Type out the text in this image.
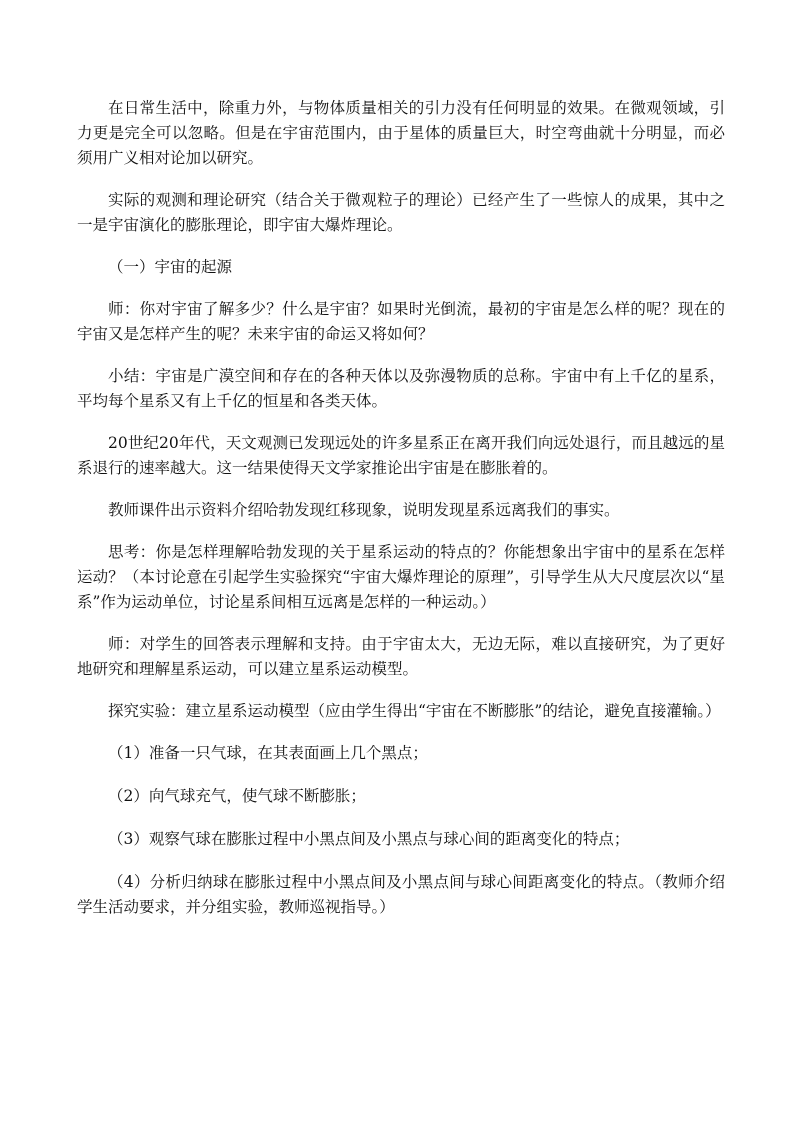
在日常生活中，除重力外，与物体质量相关的引力没有任何明显的效果。在微观领域，引力更是完全可以忽略。但是在宇宙范围内，由于星体的质量巨大，时空弯曲就十分明显，而必须用广义相对论加以研究。

实际的观测和理论研究（结合关于微观粒子的理论）已经产生了一些惊人的成果，其中之一是宇宙演化的膨胀理论，即宇宙大爆炸理论。

（一）宇宙的起源

师：你对宇宙了解多少？什么是宇宙？如果时光倒流，最初的宇宙是怎么样的呢？现在的宇宙又是怎样产生的呢？未来宇宙的命运又将如何？

小结：宇宙是广漠空间和存在的各种天体以及弥漫物质的总称。宇宙中有上千亿的星系，平均每个星系又有上千亿的恒星和各类天体。

20世纪20年代，天文观测已发现远处的许多星系正在离开我们向远处退行，而且越远的星系退行的速率越大。这一结果使得天文学家推论出宇宙是在膨胀着的。

教师课件出示资料介绍哈勃发现红移现象，说明发现星系远离我们的事实。

思考：你是怎样理解哈勃发现的关于星系运动的特点的？你能想象出宇宙中的星系在怎样运动？（本讨论意在引起学生实验探究“宇宙大爆炸理论的原理”，引导学生从大尺度层次以“星系”作为运动单位，讨论星系间相互远离是怎样的一种运动。）

师：对学生的回答表示理解和支持。由于宇宙太大，无边无际，难以直接研究，为了更好地研究和理解星系运动，可以建立星系运动模型。

探究实验：建立星系运动模型（应由学生得出“宇宙在不断膨胀”的结论，避免直接灌输。）

（1）准备一只气球，在其表面画上几个黑点；

（2）向气球充气，使气球不断膨胀；

（3）观察气球在膨胀过程中小黑点间及小黑点与球心间的距离变化的特点；

（4）分析归纳球在膨胀过程中小黑点间及小黑点间与球心间距离变化的特点。（教师介绍学生活动要求，并分组实验，教师巡视指导。）
